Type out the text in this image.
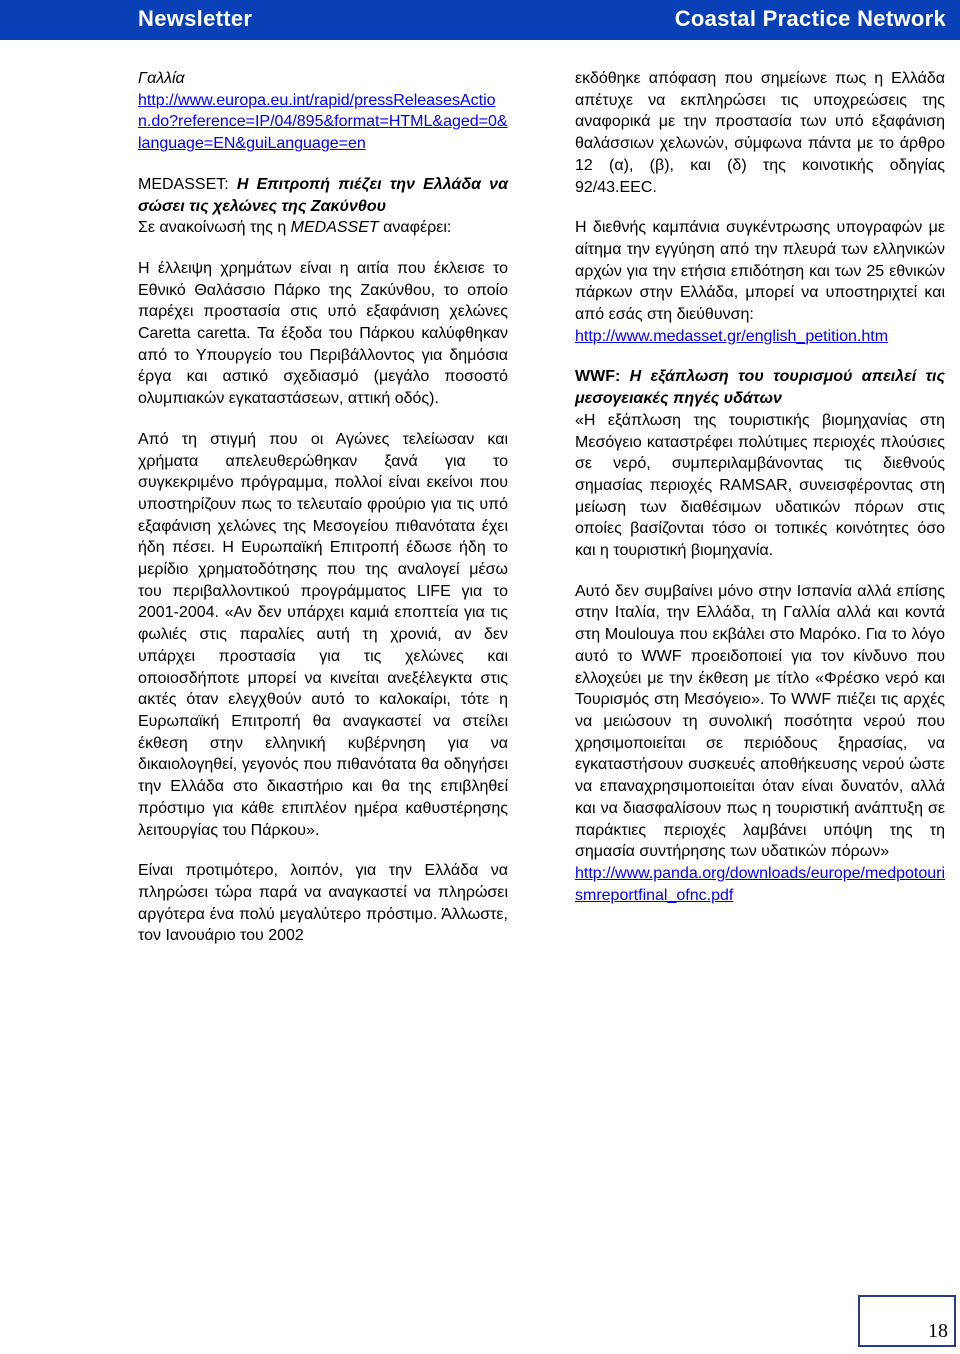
Newsletter	Coastal Practice Network
Γαλλία
http://www.europa.eu.int/rapid/pressReleasesAction.do?reference=IP/04/895&format=HTML&aged=0&language=EN&guiLanguage=en
MEDASSET: Η Επιτροπή πιέζει την Ελλάδα να σώσει τις χελώνες της Ζακύνθου
Σε ανακοίνωσή της η MEDASSET αναφέρει:
Η έλλειψη χρημάτων είναι η αιτία που έκλεισε το Εθνικό Θαλάσσιο Πάρκο της Ζακύνθου, το οποίο παρέχει προστασία στις υπό εξαφάνιση χελώνες Caretta caretta. Τα έξοδα του Πάρκου καλύφθηκαν από το Υπουργείο του Περιβάλλοντος για δημόσια έργα και αστικό σχεδιασμό (μεγάλο ποσοστό ολυμπιακών εγκαταστάσεων, αττική οδός).
Από τη στιγμή που οι Αγώνες τελείωσαν και χρήματα απελευθερώθηκαν ξανά για το συγκεκριμένο πρόγραμμα, πολλοί είναι εκείνοι που υποστηρίζουν πως το τελευταίο φρούριο για τις υπό εξαφάνιση χελώνες της Μεσογείου πιθανότατα έχει ήδη πέσει. Η Ευρωπαϊκή Επιτροπή έδωσε ήδη το μερίδιο χρηματοδότησης που της αναλογεί μέσω του περιβαλλοντικού προγράμματος LIFE για το 2001-2004. «Αν δεν υπάρχει καμιά εποπτεία για τις φωλιές στις παραλίες αυτή τη χρονιά, αν δεν υπάρχει προστασία για τις χελώνες και οποιοσδήποτε μπορεί να κινείται ανεξέλεγκτα στις ακτές όταν ελεγχθούν αυτό το καλοκαίρι, τότε η Ευρωπαϊκή Επιτροπή θα αναγκαστεί να στείλει έκθεση στην ελληνική κυβέρνηση για να δικαιολογηθεί, γεγονός που πιθανότατα θα οδηγήσει την Ελλάδα στο δικαστήριο και θα της επιβληθεί πρόστιμο για κάθε επιπλέον ημέρα καθυστέρησης λειτουργίας του Πάρκου».
Είναι προτιμότερο, λοιπόν, για την Ελλάδα να πληρώσει τώρα παρά να αναγκαστεί να πληρώσει αργότερα ένα πολύ μεγαλύτερο πρόστιμο. Άλλωστε, τον Ιανουάριο του 2002
εκδόθηκε απόφαση που σημείωνε πως η Ελλάδα απέτυχε να εκπληρώσει τις υποχρεώσεις της αναφορικά με την προστασία των υπό εξαφάνιση θαλάσσιων χελωνών, σύμφωνα πάντα με το άρθρο 12 (α), (β), και (δ) της κοινοτικής οδηγίας 92/43.EEC.
Η διεθνής καμπάνια συγκέντρωσης υπογραφών με αίτημα την εγγύηση από την πλευρά των ελληνικών αρχών για την ετήσια επιδότηση και των 25 εθνικών πάρκων στην Ελλάδα, μπορεί να υποστηριχτεί και από εσάς στη διεύθυνση:
http://www.medasset.gr/english_petition.htm
WWF: Η εξάπλωση του τουρισμού απειλεί τις μεσογειακές πηγές υδάτων
«Η εξάπλωση της τουριστικής βιομηχανίας στη Μεσόγειο καταστρέφει πολύτιμες περιοχές πλούσιες σε νερό, συμπεριλαμβάνοντας τις διεθνούς σημασίας περιοχές RAMSAR, συνεισφέροντας στη μείωση των διαθέσιμων υδατικών πόρων στις οποίες βασίζονται τόσο οι τοπικές κοινότητες όσο και η τουριστική βιομηχανία.
Αυτό δεν συμβαίνει μόνο στην Ισπανία αλλά επίσης στην Ιταλία, την Ελλάδα, τη Γαλλία αλλά και κοντά στη Moulouya που εκβάλει στο Μαρόκο. Για το λόγο αυτό το WWF προειδοποιεί για τον κίνδυνο που ελλοχεύει με την έκθεση με τίτλο «Φρέσκο νερό και Τουρισμός στη Μεσόγειο». Το WWF πιέζει τις αρχές να μειώσουν τη συνολική ποσότητα νερού που χρησιμοποιείται σε περιόδους ξηρασίας, να εγκαταστήσουν συσκευές αποθήκευσης νερού ώστε να επαναχρησιμοποιείται όταν είναι δυνατόν, αλλά και να διασφαλίσουν πως η τουριστική ανάπτυξη σε παράκτιες περιοχές λαμβάνει υπόψη της τη σημασία συντήρησης των υδατικών πόρων»
http://www.panda.org/downloads/europe/medpotourismreportfinal_ofnc.pdf
18
